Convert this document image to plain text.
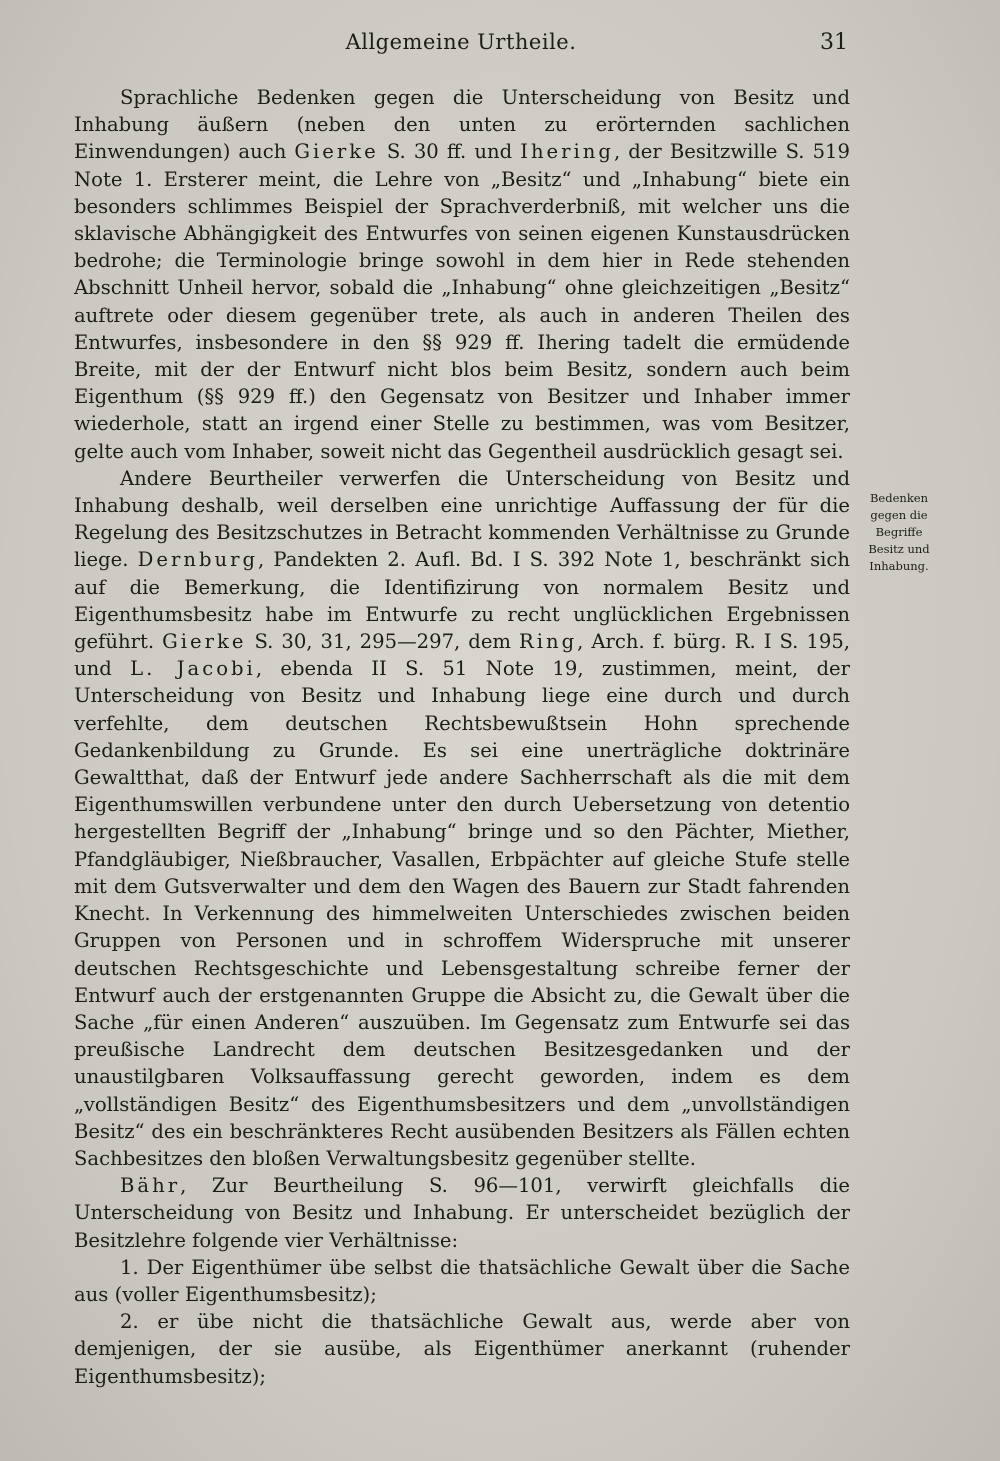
Allgemeine Urtheile.	31

Sprachliche Bedenken gegen die Unterscheidung von Besitz und Inhabung äußern (neben den unten zu erörternden sachlichen Einwendungen) auch Gierke S. 30 ff. und Ihering, der Besitzwille S. 519 Note 1. Ersterer meint, die Lehre von „Besitz“ und „Inhabung“ biete ein besonders schlimmes Beispiel der Sprachverderbniß, mit welcher uns die sklavische Abhängigkeit des Entwurfes von seinen eigenen Kunstausdrücken bedrohe; die Terminologie bringe sowohl in dem hier in Rede stehenden Abschnitt Unheil hervor, sobald die „Inhabung“ ohne gleichzeitigen „Besitz“ auftrete oder diesem gegenüber trete, als auch in anderen Theilen des Entwurfes, insbesondere in den §§ 929 ff. Ihering tadelt die ermüdende Breite, mit der der Entwurf nicht blos beim Besitz, sondern auch beim Eigenthum (§§ 929 ff.) den Gegensatz von Besitzer und Inhaber immer wiederhole, statt an irgend einer Stelle zu bestimmen, was vom Besitzer, gelte auch vom Inhaber, soweit nicht das Gegentheil ausdrücklich gesagt sei.

Andere Beurtheiler verwerfen die Unterscheidung von Besitz und Inhabung deshalb, weil derselben eine unrichtige Auffassung der für die Regelung des Besitzschutzes in Betracht kommenden Verhältnisse zu Grunde liege. Dernburg, Pandekten 2. Aufl. Bd. I S. 392 Note 1, beschränkt sich auf die Bemerkung, die Identifizirung von normalem Besitz und Eigenthumsbesitz habe im Entwurfe zu recht unglücklichen Ergebnissen geführt. Gierke S. 30, 31, 295—297, dem Ring, Arch. f. bürg. R. I S. 195, und L. Jacobi, ebenda II S. 51 Note 19, zustimmen, meint, der Unterscheidung von Besitz und Inhabung liege eine durch und durch verfehlte, dem deutschen Rechtsbewußtsein Hohn sprechende Gedankenbildung zu Grunde. Es sei eine unerträgliche doktrinäre Gewaltthat, daß der Entwurf jede andere Sachherrschaft als die mit dem Eigenthumswillen verbundene unter den durch Uebersetzung von detentio hergestellten Begriff der „Inhabung“ bringe und so den Pächter, Miether, Pfandgläubiger, Nießbraucher, Vasallen, Erbpächter auf gleiche Stufe stelle mit dem Gutsverwalter und dem den Wagen des Bauern zur Stadt fahrenden Knecht. In Verkennung des himmelweiten Unterschiedes zwischen beiden Gruppen von Personen und in schroffem Widerspruche mit unserer deutschen Rechtsgeschichte und Lebensgestaltung schreibe ferner der Entwurf auch der erstgenannten Gruppe die Absicht zu, die Gewalt über die Sache „für einen Anderen“ auszuüben. Im Gegensatz zum Entwurfe sei das preußische Landrecht dem deutschen Besitzesgedanken und der unaustilgbaren Volksauffassung gerecht geworden, indem es dem „vollständigen Besitz“ des Eigenthumsbesitzers und dem „unvollständigen Besitz“ des ein beschränkteres Recht ausübenden Besitzers als Fällen echten Sachbesitzes den bloßen Verwaltungsbesitz gegenüber stellte.

Bähr, Zur Beurtheilung S. 96—101, verwirft gleichfalls die Unterscheidung von Besitz und Inhabung. Er unterscheidet bezüglich der Besitzlehre folgende vier Verhältnisse:

1. Der Eigenthümer übe selbst die thatsächliche Gewalt über die Sache aus (voller Eigenthumsbesitz);

2. er übe nicht die thatsächliche Gewalt aus, werde aber von demjenigen, der sie ausübe, als Eigenthümer anerkannt (ruhender Eigenthumsbesitz);

Bedenken gegen die Begriffe Besitz und Inhabung.
